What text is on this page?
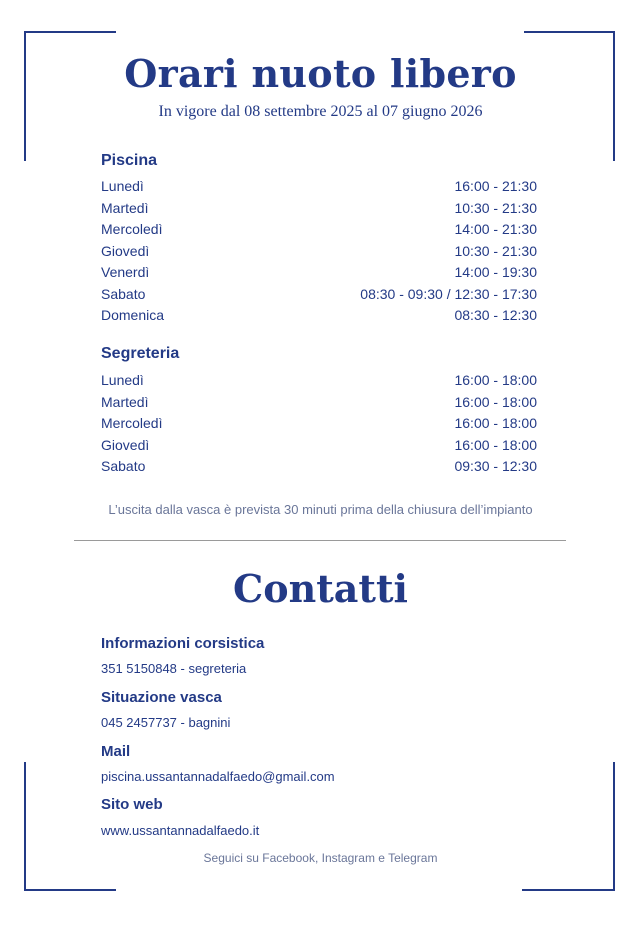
Orari nuoto libero
In vigore dal 08 settembre 2025 al 07 giugno 2026
Piscina
Lunedì	16:00 - 21:30
Martedì	10:30 - 21:30
Mercoledì	14:00 - 21:30
Giovedì	10:30 - 21:30
Venerdì	14:00 - 19:30
Sabato	08:30 - 09:30 / 12:30 - 17:30
Domenica	08:30 - 12:30
Segreteria
Lunedì	16:00 - 18:00
Martedì	16:00 - 18:00
Mercoledì	16:00 - 18:00
Giovedì	16:00 - 18:00
Sabato	09:30 - 12:30
L’uscita dalla vasca è prevista 30 minuti prima della chiusura dell’impianto
Contatti
Informazioni corsistica
351 5150848 - segreteria
Situazione vasca
045 2457737 - bagnini
Mail
piscina.ussantannadalfaedo@gmail.com
Sito web
www.ussantannadalfaedo.it
Seguici su Facebook, Instagram e Telegram
